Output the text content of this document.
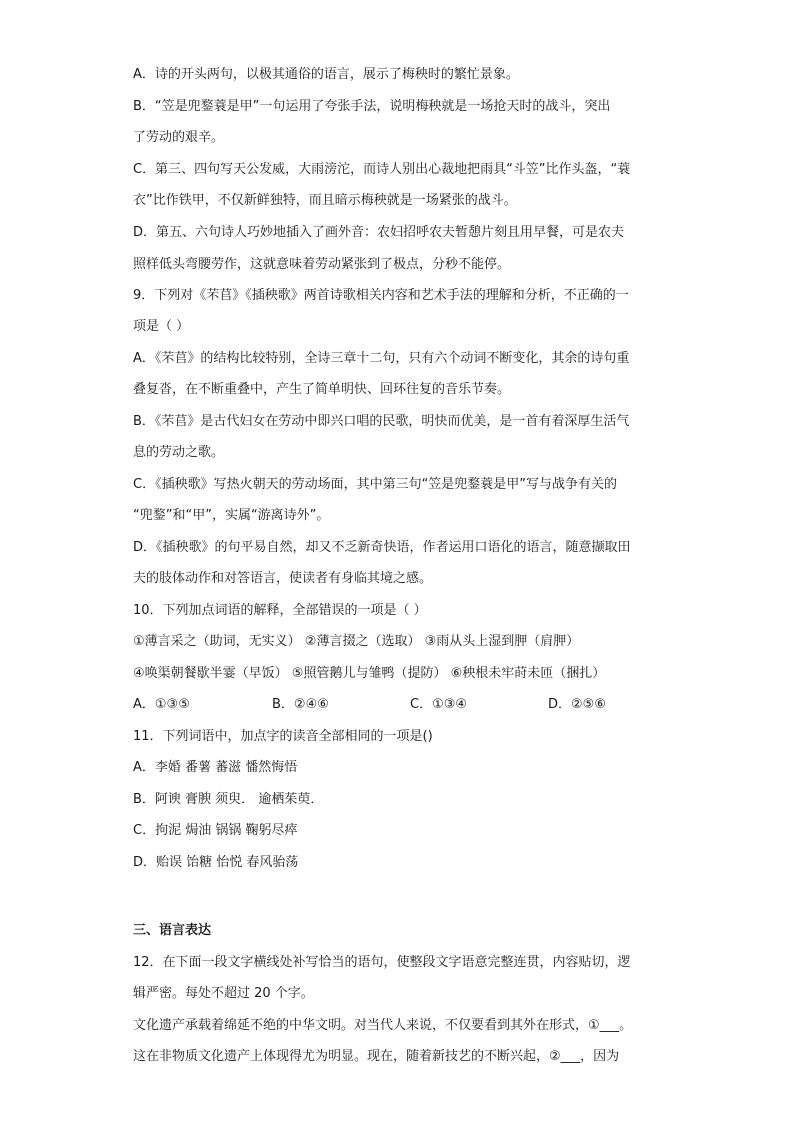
A．诗的开头两句，以极其通俗的语言，展示了梅秧时的繁忙景象。
B．“笠是兜鍪蓑是甲”一句运用了夸张手法，说明梅秧就是一场抢天时的战斗，突出
了劳动的艰辛。
C．第三、四句写天公发威，大雨滂沱，而诗人别出心裁地把雨具“斗笠”比作头盔，“蓑
衣”比作铁甲，不仅新鲜独特，而且暗示梅秧就是一场紧张的战斗。
D．第五、六句诗人巧妙地插入了画外音：农妇招呼农夫暂憩片刻且用早餐，可是农夫
照样低头弯腰劳作，这就意味着劳动紧张到了极点，分秒不能停。
9．下列对《芣苢》《插秧歌》两首诗歌相关内容和艺术手法的理解和分析，不正确的一
项是（ ）
A．《芣苢》的结构比较特别，全诗三章十二句，只有六个动词不断变化，其余的诗句重
叠复沓，在不断重叠中，产生了简单明快、回环往复的音乐节奏。
B．《芣苢》是古代妇女在劳动中即兴口唱的民歌，明快而优美，是一首有着深厚生活气
息的劳动之歌。
C．《插秧歌》写热火朝天的劳动场面，其中第三句“笠是兜鍪蓑是甲”写与战争有关的
“兜鍪”和“甲”，实属“游离诗外”。
D．《插秧歌》的句平易自然，却又不乏新奇快语，作者运用口语化的语言，随意撷取田
夫的肢体动作和对答语言，使读者有身临其境之感。
10．下列加点词语的解释，全部错误的一项是（ ）
①薄言采之（助词，无实义） ②薄言掇之（选取） ③雨从头上湿到胛（肩胛）
④唤渠朝餐歇半霎（早饭） ⑤照管鹅儿与雏鸭（提防） ⑥秧根未牢莳未匝（捆扎）
A．①③⑤	B．②④⑥	C．①③④	D．②⑤⑥
11．下列词语中，加点字的读音全部相同的一项是()
A．李婚 番薯 蕃滋 憣然悔悟
B．阿谀 膏腴 须臾． 逾栖茱萸．
C．拘泥 焗油 锅锅 鞠躬尽瘁
D．贻误 饴糖 怡悦 春风骀荡
三、语言表达
12．在下面一段文字横线处补写恰当的语句，使整段文字语意完整连贯，内容贴切，逻
辑严密。每处不超过 20 个字。
文化遗产承载着绵延不绝的中华文明。对当代人来说，不仅要看到其外在形式，①___。
这在非物质文化遗产上体现得尤为明显。现在，随着新技艺的不断兴起，②___，因为
